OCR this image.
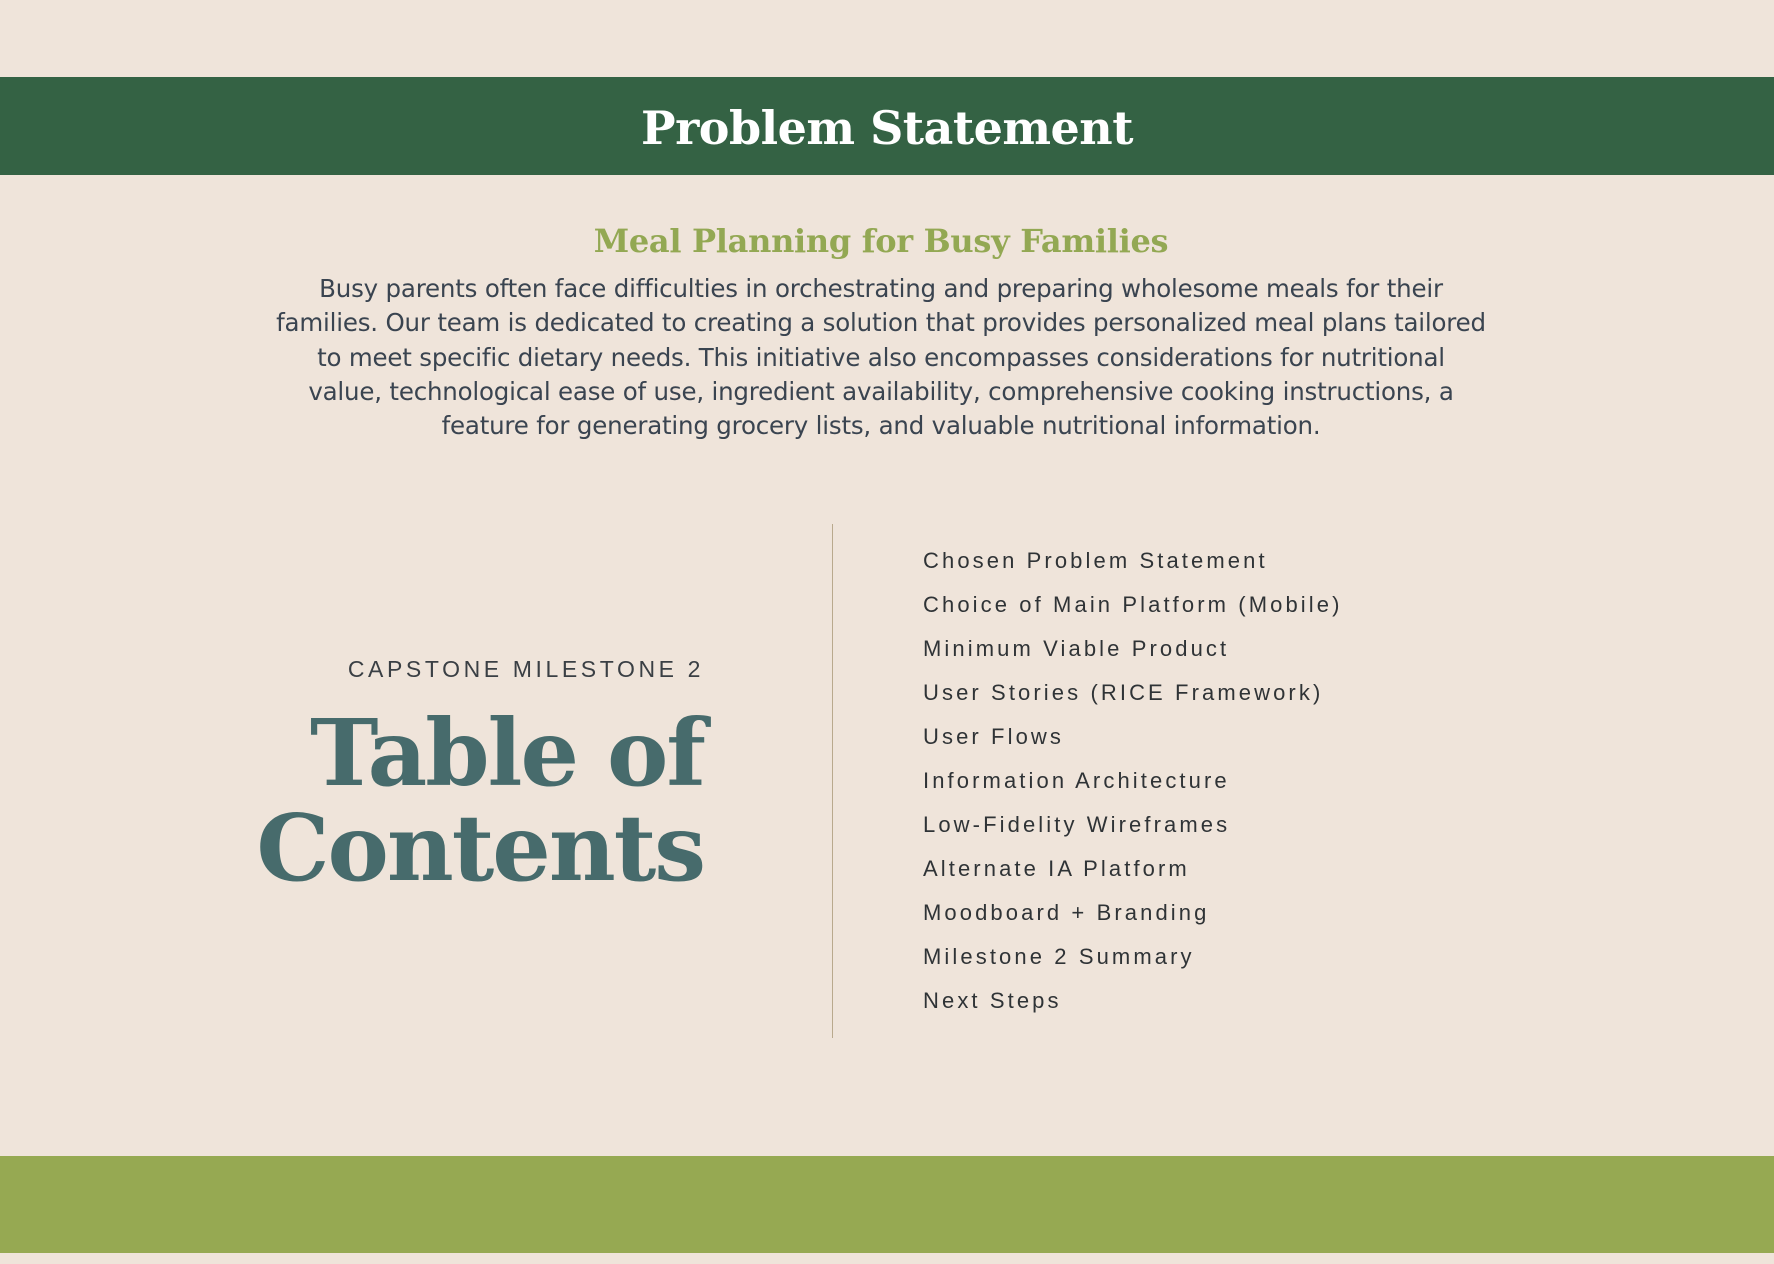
Problem Statement
Meal Planning for Busy Families
Busy parents often face difficulties in orchestrating and preparing wholesome meals for their
families. Our team is dedicated to creating a solution that provides personalized meal plans tailored
to meet specific dietary needs. This initiative also encompasses considerations for nutritional
value, technological ease of use, ingredient availability, comprehensive cooking instructions, a
feature for generating grocery lists, and valuable nutritional information.
CAPSTONE MILESTONE 2
Table of
Contents
Chosen Problem Statement
Choice of Main Platform (Mobile)
Minimum Viable Product
User Stories (RICE Framework)
User Flows
Information Architecture
Low-Fidelity Wireframes
Alternate IA Platform
Moodboard + Branding
Milestone 2 Summary
Next Steps
